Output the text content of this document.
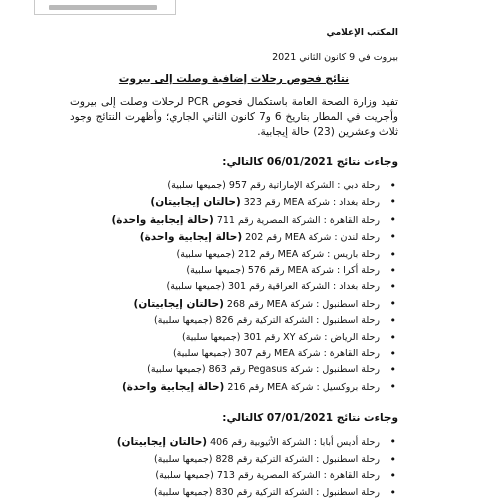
المكتب الإعلامي
بيروت في 9 كانون الثاني 2021
نتائج فحوص رحلات إضافية وصلت إلى بيروت
تفيد وزارة الصحة العامة باستكمال فحوص PCR لرحلات وصلت إلى بيروت وأجريت في المطار بتاريخ 6 و7 كانون الثاني الجاري؛ وأظهرت النتائج وجود ثلاث وعشرين (23) حالة إيجابية.
وجاءت نتائج 06/01/2021 كالتالي:
• رحلة دبي : الشركة الإماراتية رقم 957(جميعها سلبية)
• رحلة بغداد : شركة MEA رقم 323(حالتان إيجابيتان)
• رحلة القاهرة : الشركة المصرية رقم 711(حالة إيجابية واحدة)
• رحلة لندن : شركة MEA رقم 202(حالة إيجابية واحدة)
• رحلة باريس : شركة MEA رقم 212(جميعها سلبية)
• رحلة أكرا : شركة MEA رقم 576(جميعها سلبية)
• رحلة بغداد : الشركة العراقية رقم 301(جميعها سلبية)
• رحلة اسطنبول : شركة MEA رقم 268(حالتان إيجابيتان)
• رحلة اسطنبول : الشركة التركية رقم 826(جميعها سلبية)
• رحلة الرياض : شركة XY رقم 301(جميعها سلبية)
• رحلة القاهرة : شركة MEA رقم 307(جميعها سلبية)
• رحلة اسطنبول : شركة Pegasus رقم 863(جميعها سلبية)
• رحلة بروكسيل : شركة MEA رقم 216(حالة إيجابية واحدة)
وجاءت نتائج 07/01/2021 كالتالي:
• رحلة أديس أبابا : الشركة الأثيوبية رقم 406(حالتان إيجابيتان)
• رحلة اسطنبول : الشركة التركية رقم 828(جميعها سلبية)
• رحلة القاهرة : الشركة المصرية رقم 713(جميعها سلبية)
• رحلة اسطنبول : الشركة التركية رقم 830(جميعها سلبية)
